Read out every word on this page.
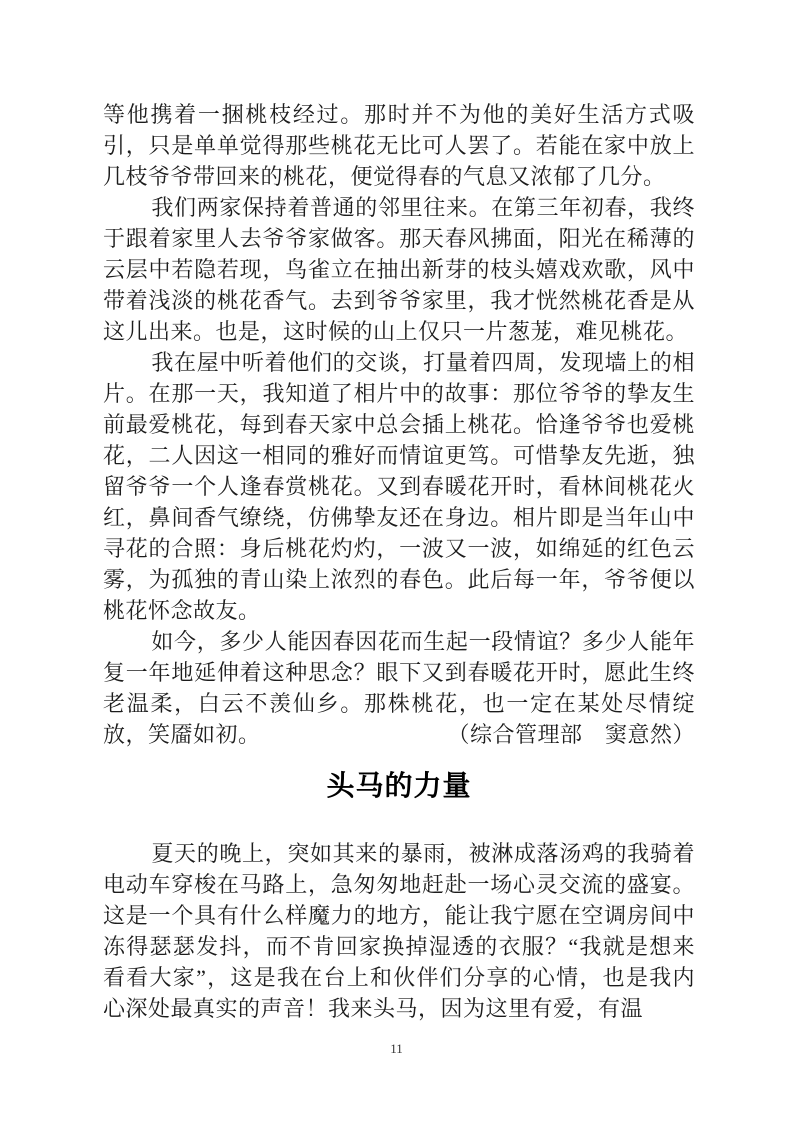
等他携着一捆桃枝经过。那时并不为他的美好生活方式吸引，只是单单觉得那些桃花无比可人罢了。若能在家中放上几枝爷爷带回来的桃花，便觉得春的气息又浓郁了几分。

我们两家保持着普通的邻里往来。在第三年初春，我终于跟着家里人去爷爷家做客。那天春风拂面，阳光在稀薄的云层中若隐若现，鸟雀立在抽出新芽的枝头嬉戏欢歌，风中带着浅淡的桃花香气。去到爷爷家里，我才恍然桃花香是从这儿出来。也是，这时候的山上仅只一片葱茏，难见桃花。

我在屋中听着他们的交谈，打量着四周，发现墙上的相片。在那一天，我知道了相片中的故事：那位爷爷的挚友生前最爱桃花，每到春天家中总会插上桃花。恰逢爷爷也爱桃花，二人因这一相同的雅好而情谊更笃。可惜挚友先逝，独留爷爷一个人逢春赏桃花。又到春暖花开时，看林间桃花火红，鼻间香气缭绕，仿佛挚友还在身边。相片即是当年山中寻花的合照：身后桃花灼灼，一波又一波，如绵延的红色云雾，为孤独的青山染上浓烈的春色。此后每一年，爷爷便以桃花怀念故友。

如今，多少人能因春因花而生起一段情谊？多少人能年复一年地延伸着这种思念？眼下又到春暖花开时，愿此生终老温柔，白云不羡仙乡。那株桃花，也一定在某处尽情绽放，笑靥如初。	（综合管理部　窦意然）

头马的力量

夏天的晚上，突如其来的暴雨，被淋成落汤鸡的我骑着电动车穿梭在马路上，急匆匆地赶赴一场心灵交流的盛宴。这是一个具有什么样魔力的地方，能让我宁愿在空调房间中冻得瑟瑟发抖，而不肯回家换掉湿透的衣服？“我就是想来看看大家”，这是我在台上和伙伴们分享的心情，也是我内心深处最真实的声音！我来头马，因为这里有爱，有温

11
